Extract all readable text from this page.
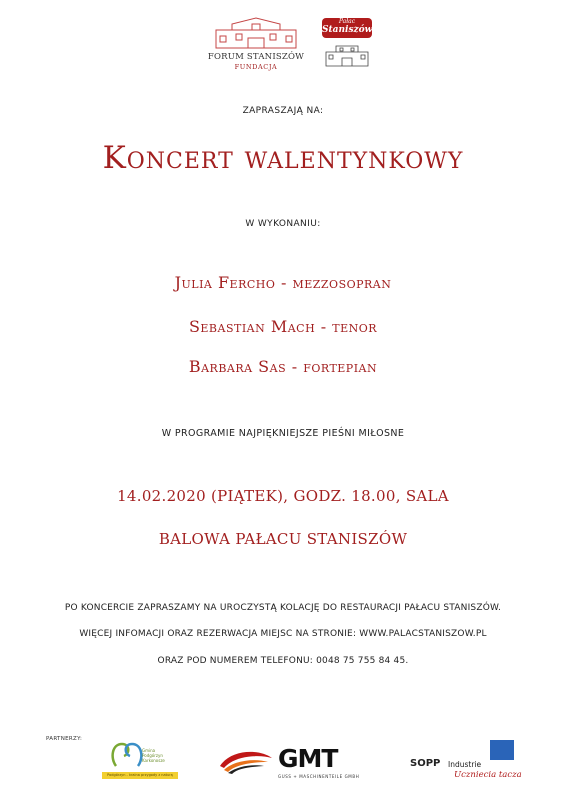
FORUM STANISZÓW
FUNDACJA
Pałac
Staniszów
ZAPRASZAJĄ NA:
Koncert walentynkowy
W WYKONANIU:
Julia Fercho - mezzosopran
Sebastian Mach - tenor
Barbara Sas - fortepian
W PROGRAMIE NAJPIĘKNIEJSZE PIEŚNI MIŁOSNE
14.02.2020 (PIĄTEK), GODZ. 18.00, SALA
BALOWA PAŁACU STANISZÓW
PO KONCERCIE ZAPRASZAMY NA UROCZYSTĄ KOLACJĘ DO RESTAURACJI PAŁACU STANISZÓW.
WIĘCEJ INFOMACJI ORAZ REZERWACJA MIEJSC NA STRONIE: WWW.PALACSTANISZOW.PL
ORAZ POD NUMEREM TELEFONU: 0048 75 755 84 45.
PARTNERZY:
Gmina
Podgórzyn
Karkonosze
Podgórzyn - kraina przygody z naturą
GMT
GUSS + MASCHINENTEILE GMBH
SOPP Industrie
Uczniecia tacza
